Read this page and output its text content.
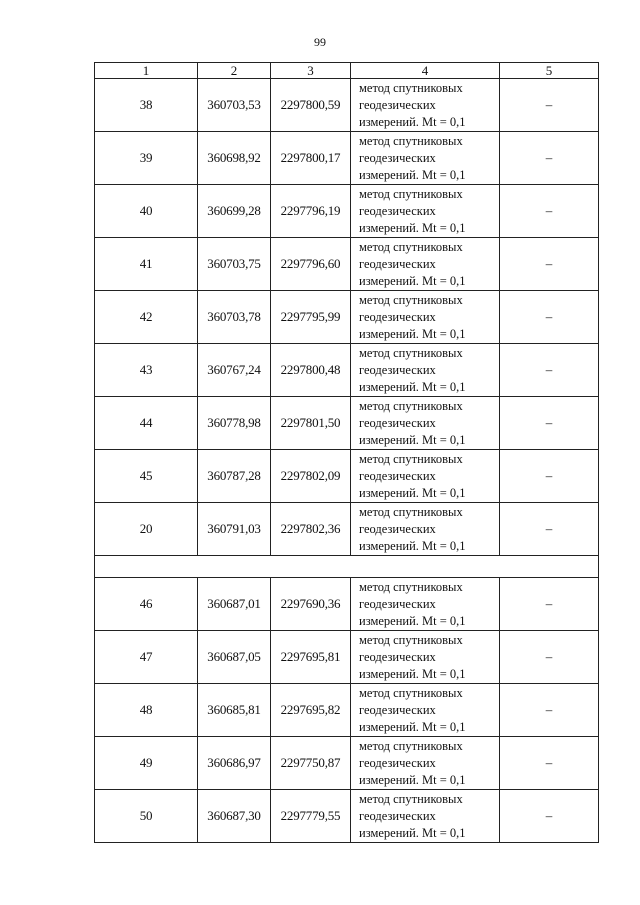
99
1	2	3	4	5
38	360703,53	2297800,59	метод спутниковых
геодезических
измерений. Mt = 0,1	–
39	360698,92	2297800,17	метод спутниковых
геодезических
измерений. Mt = 0,1	–
40	360699,28	2297796,19	метод спутниковых
геодезических
измерений. Mt = 0,1	–
41	360703,75	2297796,60	метод спутниковых
геодезических
измерений. Mt = 0,1	–
42	360703,78	2297795,99	метод спутниковых
геодезических
измерений. Mt = 0,1	–
43	360767,24	2297800,48	метод спутниковых
геодезических
измерений. Mt = 0,1	–
44	360778,98	2297801,50	метод спутниковых
геодезических
измерений. Mt = 0,1	–
45	360787,28	2297802,09	метод спутниковых
геодезических
измерений. Mt = 0,1	–
20	360791,03	2297802,36	метод спутниковых
геодезических
измерений. Mt = 0,1	–

46	360687,01	2297690,36	метод спутниковых
геодезических
измерений. Mt = 0,1	–
47	360687,05	2297695,81	метод спутниковых
геодезических
измерений. Mt = 0,1	–
48	360685,81	2297695,82	метод спутниковых
геодезических
измерений. Mt = 0,1	–
49	360686,97	2297750,87	метод спутниковых
геодезических
измерений. Mt = 0,1	–
50	360687,30	2297779,55	метод спутниковых
геодезических
измерений. Mt = 0,1	–
